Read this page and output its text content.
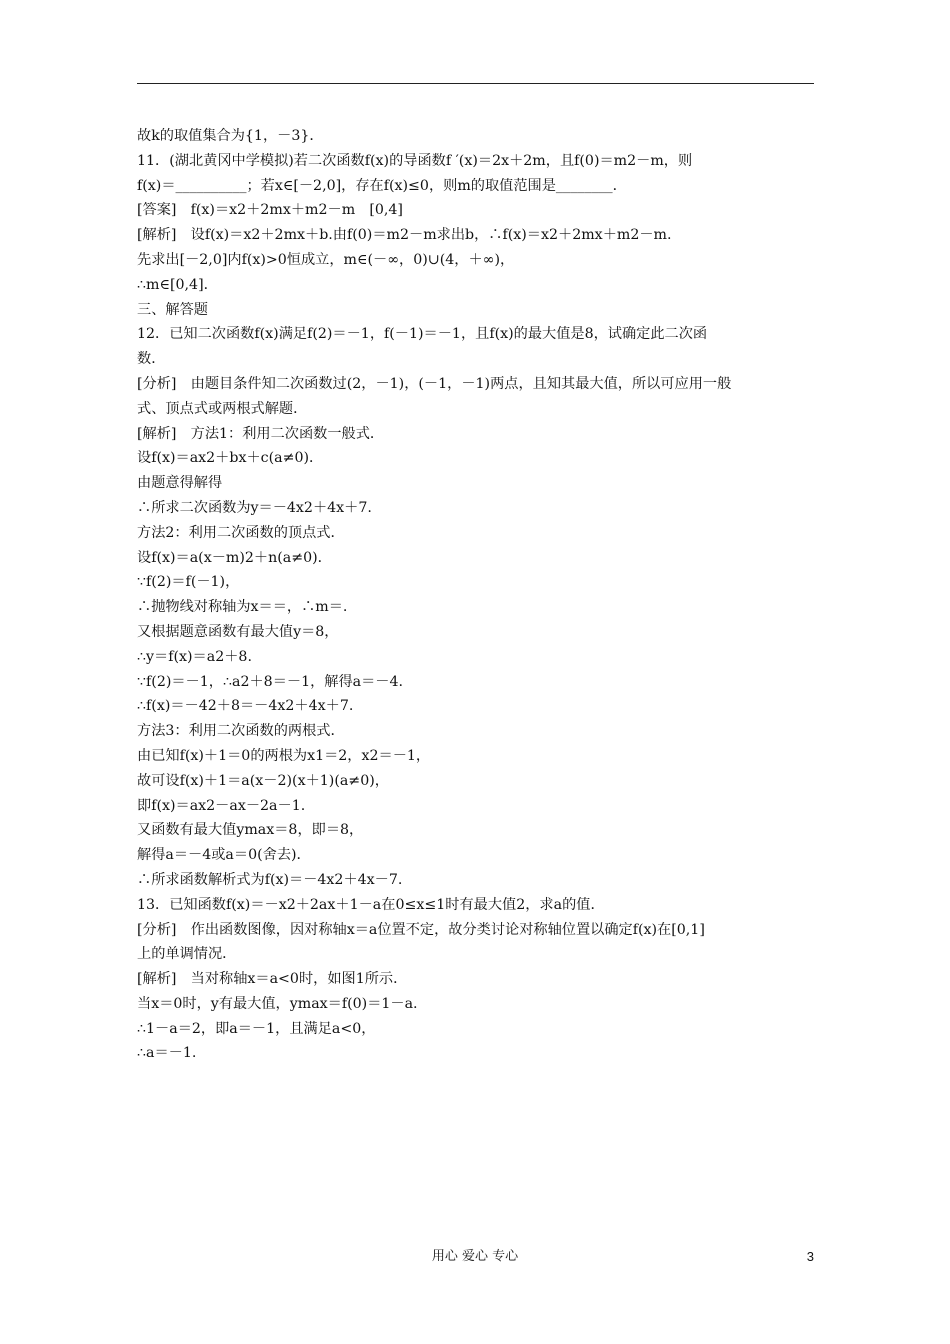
故k的取值集合为{1，－3}．
11．(湖北黄冈中学模拟)若二次函数f(x)的导函数f ′(x)＝2x＋2m，且f(0)＝m2－m，则
f(x)＝__________；若x∈[－2,0]，存在f(x)≤0，则m的取值范围是________．
[答案]　f(x)＝x2＋2mx＋m2－m　[0,4]
[解析]　设f(x)＝x2＋2mx＋b.由f(0)＝m2－m求出b，∴f(x)＝x2＋2mx＋m2－m.
先求出[－2,0]内f(x)>0恒成立，m∈(－∞，0)∪(4，＋∞)，
∴m∈[0,4]．
三、解答题
12．已知二次函数f(x)满足f(2)＝－1，f(－1)＝－1，且f(x)的最大值是8，试确定此二次函
数．
[分析]　由题目条件知二次函数过(2，－1)，(－1，－1)两点，且知其最大值，所以可应用一般
式、顶点式或两根式解题．
[解析]　方法1：利用二次函数一般式．
设f(x)＝ax2＋bx＋c(a≠0)．
由题意得解得
∴所求二次函数为y＝－4x2＋4x＋7.
方法2：利用二次函数的顶点式．
设f(x)＝a(x－m)2＋n(a≠0)．
∵f(2)＝f(－1)，
∴抛物线对称轴为x＝＝，∴m＝.
又根据题意函数有最大值y＝8，
∴y＝f(x)＝a2＋8.
∵f(2)＝－1，∴a2＋8＝－1，解得a＝－4.
∴f(x)＝－42＋8＝－4x2＋4x＋7.
方法3：利用二次函数的两根式．
由已知f(x)＋1＝0的两根为x1＝2，x2＝－1，
故可设f(x)＋1＝a(x－2)(x＋1)(a≠0)，
即f(x)＝ax2－ax－2a－1.
又函数有最大值ymax＝8，即＝8，
解得a＝－4或a＝0(舍去)．
∴所求函数解析式为f(x)＝－4x2＋4x－7.
13．已知函数f(x)＝－x2＋2ax＋1－a在0≤x≤1时有最大值2，求a的值．
[分析]　作出函数图像，因对称轴x＝a位置不定，故分类讨论对称轴位置以确定f(x)在[0,1]
上的单调情况．
[解析]　当对称轴x＝a<0时，如图1所示．
当x＝0时，y有最大值，ymax＝f(0)＝1－a.
∴1－a＝2，即a＝－1，且满足a<0，
∴a＝－1.
用心 爱心 专心	3
